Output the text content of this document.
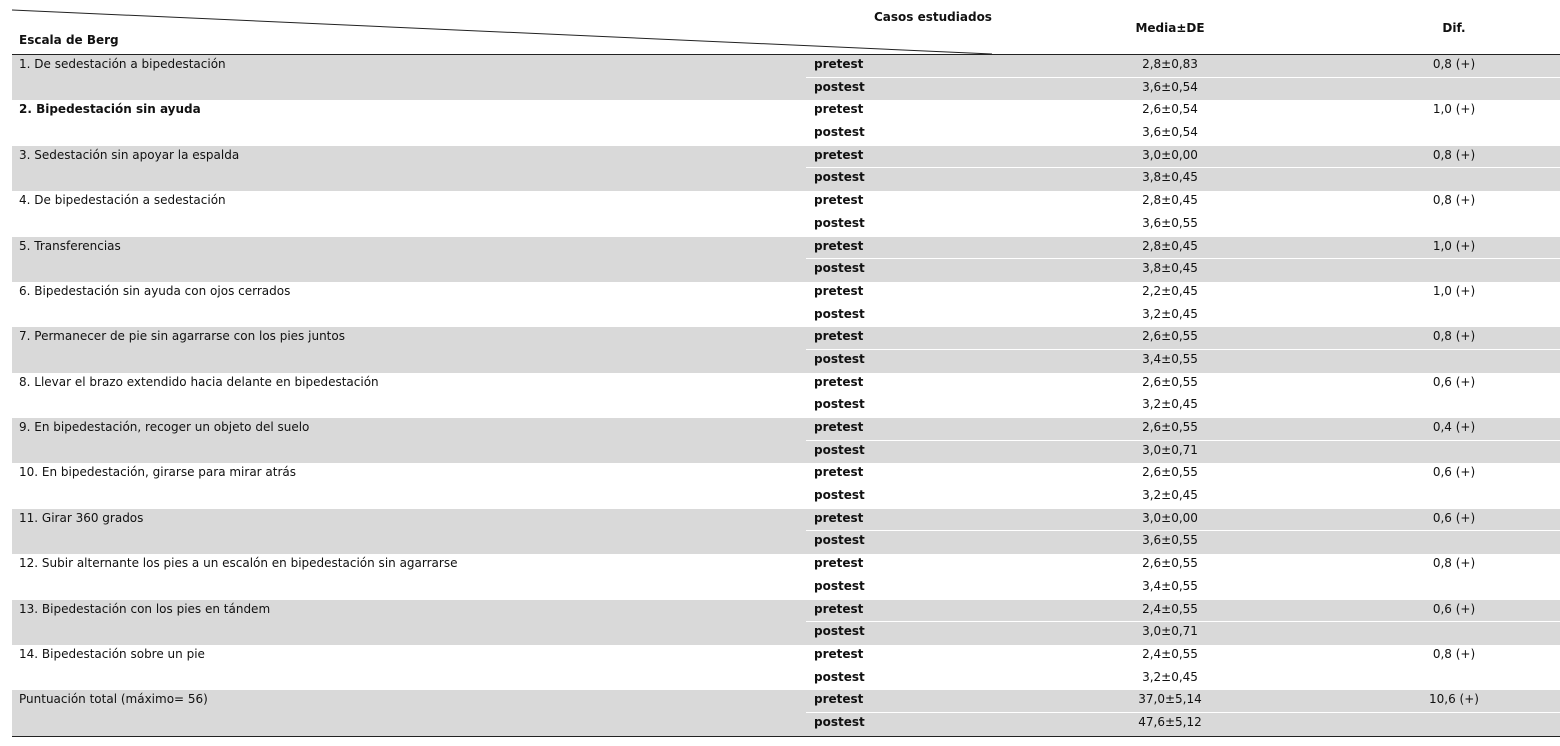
Escala de Berg
Casos estudiados
Media±DE	Dif.
1. De sedestación a bipedestación	pretest	2,8±0,83	0,8 (+)
postest	3,6±0,54
2. Bipedestación sin ayuda	pretest	2,6±0,54	1,0 (+)
postest	3,6±0,54
3. Sedestación sin apoyar la espalda	pretest	3,0±0,00	0,8 (+)
postest	3,8±0,45
4. De bipedestación a sedestación	pretest	2,8±0,45	0,8 (+)
postest	3,6±0,55
5. Transferencias	pretest	2,8±0,45	1,0 (+)
postest	3,8±0,45
6. Bipedestación sin ayuda con ojos cerrados	pretest	2,2±0,45	1,0 (+)
postest	3,2±0,45
7. Permanecer de pie sin agarrarse con los pies juntos	pretest	2,6±0,55	0,8 (+)
postest	3,4±0,55
8. Llevar el brazo extendido hacia delante en bipedestación	pretest	2,6±0,55	0,6 (+)
postest	3,2±0,45
9. En bipedestación, recoger un objeto del suelo	pretest	2,6±0,55	0,4 (+)
postest	3,0±0,71
10. En bipedestación, girarse para mirar atrás	pretest	2,6±0,55	0,6 (+)
postest	3,2±0,45
11. Girar 360 grados	pretest	3,0±0,00	0,6 (+)
postest	3,6±0,55
12. Subir alternante los pies a un escalón en bipedestación sin agarrarse	pretest	2,6±0,55	0,8 (+)
postest	3,4±0,55
13. Bipedestación con los pies en tándem	pretest	2,4±0,55	0,6 (+)
postest	3,0±0,71
14. Bipedestación sobre un pie	pretest	2,4±0,55	0,8 (+)
postest	3,2±0,45
Puntuación total (máximo= 56)	pretest	37,0±5,14	10,6 (+)
postest	47,6±5,12
